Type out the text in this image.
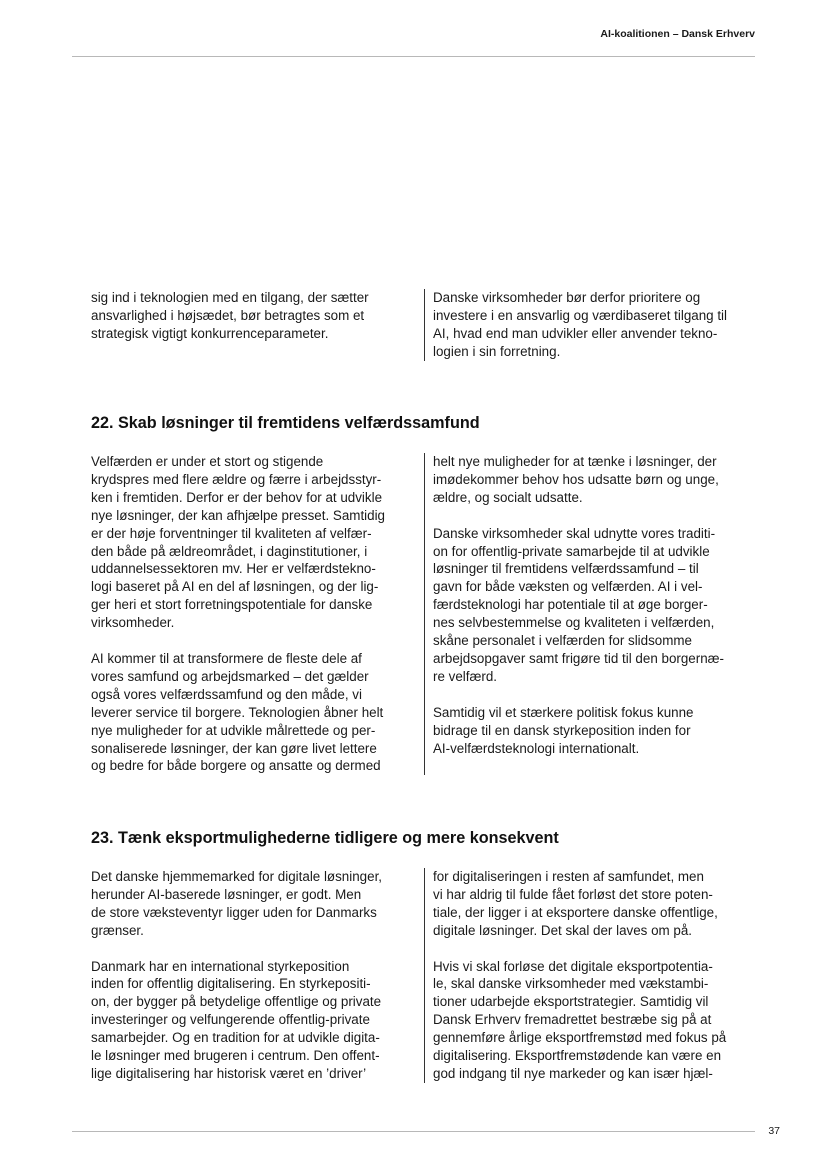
AI-koalitionen – Dansk Erhverv
sig ind i teknologien med en tilgang, der sætter
ansvarlighed i højsædet, bør betragtes som et
strategisk vigtigt konkurrenceparameter.
Danske virksomheder bør derfor prioritere og
investere i en ansvarlig og værdibaseret tilgang til
AI, hvad end man udvikler eller anvender tekno-
logien i sin forretning.
22. Skab løsninger til fremtidens velfærdssamfund
Velfærden er under et stort og stigende
krydspres med flere ældre og færre i arbejdsstyr-
ken i fremtiden. Derfor er der behov for at udvikle
nye løsninger, der kan afhjælpe presset. Samtidig
er der høje forventninger til kvaliteten af velfær-
den både på ældreområdet, i daginstitutioner, i
uddannelsessektoren mv. Her er velfærdstekno-
logi baseret på AI en del af løsningen, og der lig-
ger heri et stort forretningspotentiale for danske
virksomheder.

AI kommer til at transformere de fleste dele af
vores samfund og arbejdsmarked – det gælder
også vores velfærdssamfund og den måde, vi
leverer service til borgere. Teknologien åbner helt
nye muligheder for at udvikle målrettede og per-
sonaliserede løsninger, der kan gøre livet lettere
og bedre for både borgere og ansatte og dermed
helt nye muligheder for at tænke i løsninger, der
imødekommer behov hos udsatte børn og unge,
ældre, og socialt udsatte.

Danske virksomheder skal udnytte vores traditi-
on for offentlig-private samarbejde til at udvikle
løsninger til fremtidens velfærdssamfund – til
gavn for både væksten og velfærden. AI i vel-
færdsteknologi har potentiale til at øge borger-
nes selvbestemmelse og kvaliteten i velfærden,
skåne personalet i velfærden for slidsomme
arbejdsopgaver samt frigøre tid til den borgernæ-
re velfærd.

Samtidig vil et stærkere politisk fokus kunne
bidrage til en dansk styrkeposition inden for
AI-velfærdsteknologi internationalt.
23. Tænk eksportmulighederne tidligere og mere konsekvent
Det danske hjemmemarked for digitale løsninger,
herunder AI-baserede løsninger, er godt. Men
de store væksteventyr ligger uden for Danmarks
grænser.

Danmark har en international styrkeposition
inden for offentlig digitalisering. En styrkepositi-
on, der bygger på betydelige offentlige og private
investeringer og velfungerende offentlig-private
samarbejder. Og en tradition for at udvikle digita-
le løsninger med brugeren i centrum. Den offent-
lige digitalisering har historisk været en ’driver’
for digitaliseringen i resten af samfundet, men
vi har aldrig til fulde fået forløst det store poten-
tiale, der ligger i at eksportere danske offentlige,
digitale løsninger. Det skal der laves om på.

Hvis vi skal forløse det digitale eksportpotentia-
le, skal danske virksomheder med vækstambi-
tioner udarbejde eksportstrategier. Samtidig vil
Dansk Erhverv fremadrettet bestræbe sig på at
gennemføre årlige eksportfremstød med fokus på
digitalisering. Eksportfremstødende kan være en
god indgang til nye markeder og kan især hjæl-
37
